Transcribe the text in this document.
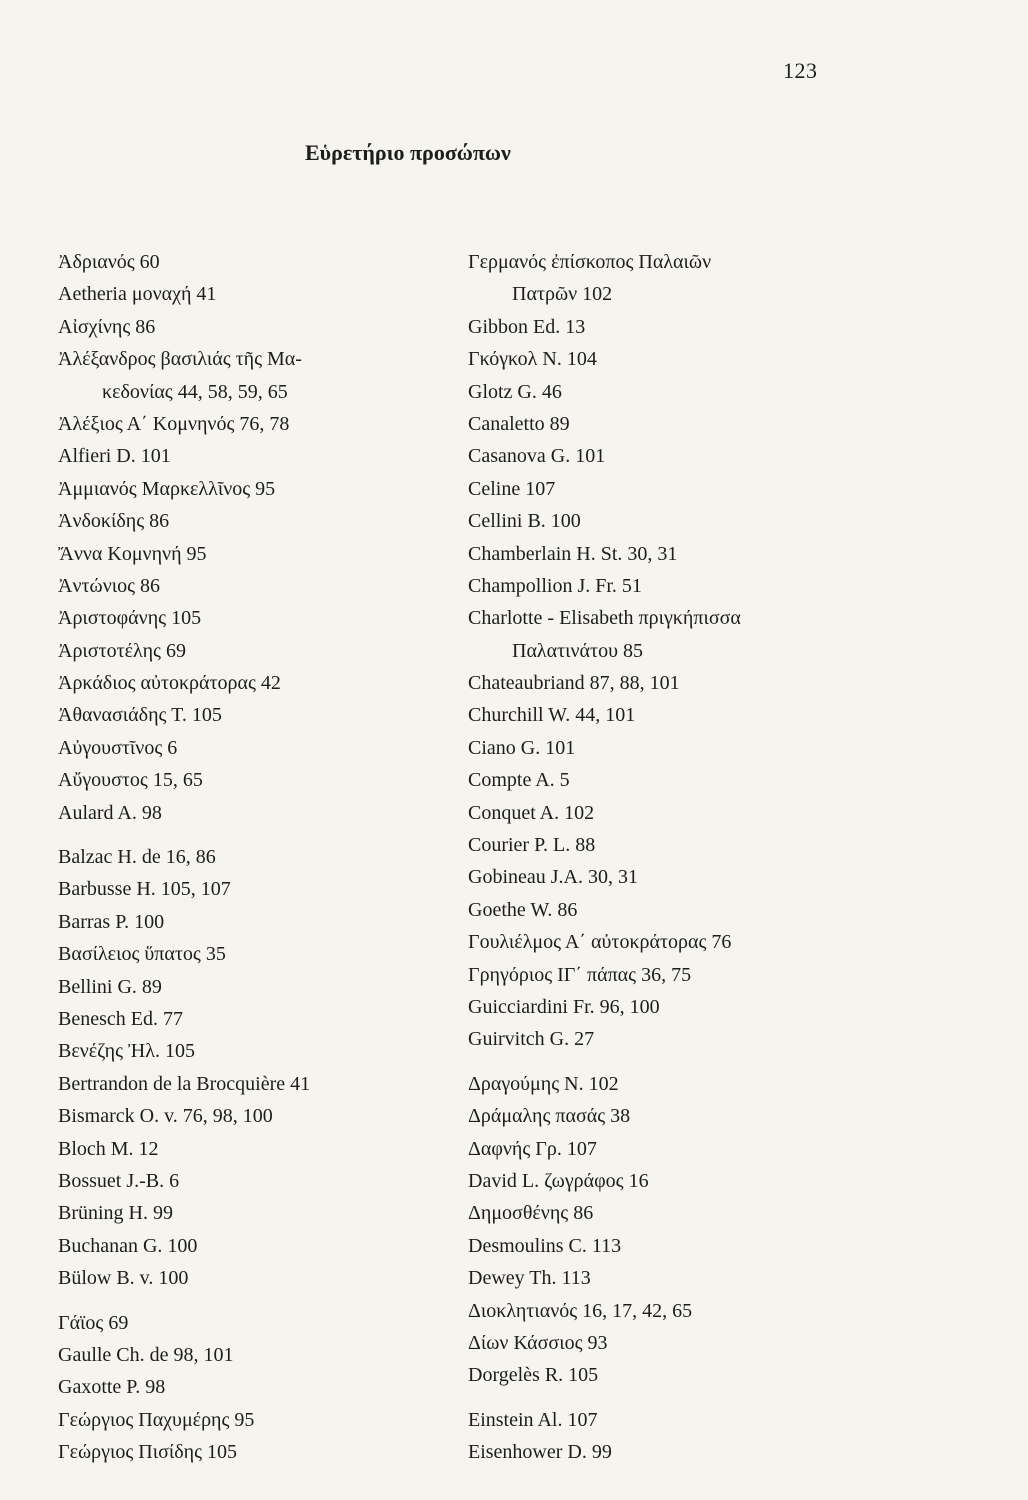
123
Εὑρετήριο προσώπων
Ἀδριανός 60
Aetheria μοναχή 41
Αἰσχίνης 86
Ἀλέξανδρος βασιλιάς τῆς Μα-
κεδονίας 44, 58, 59, 65
Ἀλέξιος Α΄ Κομνηνός 76, 78
Alfieri D. 101
Ἀμμιανός Μαρκελλῖνος 95
Ἀνδοκίδης 86
Ἄννα Κομνηνή 95
Ἀντώνιος 86
Ἀριστοφάνης 105
Ἀριστοτέλης 69
Ἀρκάδιος αὐτοκράτορας 42
Ἀθανασιάδης Τ. 105
Αὐγουστῖνος 6
Αὔγουστος 15, 65
Aulard A. 98
Balzac H. de 16, 86
Barbusse H. 105, 107
Barras P. 100
Βασίλειος ὕπατος 35
Bellini G. 89
Benesch Ed. 77
Βενέζης Ἠλ. 105
Bertrandon de la Brocquière 41
Bismarck O. v. 76, 98, 100
Bloch M. 12
Bossuet J.-B. 6
Brüning H. 99
Buchanan G. 100
Bülow B. v. 100
Γάϊος 69
Gaulle Ch. de 98, 101
Gaxotte P. 98
Γεώργιος Παχυμέρης 95
Γεώργιος Πισίδης 105
Γερμανός ἐπίσκοπος Παλαιῶν
Πατρῶν 102
Gibbon Ed. 13
Γκόγκολ Ν. 104
Glotz G. 46
Canaletto 89
Casanova G. 101
Celine 107
Cellini B. 100
Chamberlain H. St. 30, 31
Champollion J. Fr. 51
Charlotte - Elisabeth πριγκήπισσα
Παλατινάτου 85
Chateaubriand 87, 88, 101
Churchill W. 44, 101
Ciano G. 101
Compte A. 5
Conquet A. 102
Courier P. L. 88
Gobineau J.A. 30, 31
Goethe W. 86
Γουλιέλμος Α΄ αὐτοκράτορας 76
Γρηγόριος ΙΓ΄ πάπας 36, 75
Guicciardini Fr. 96, 100
Guirvitch G. 27
Δραγούμης Ν. 102
Δράμαλης πασάς 38
Δαφνής Γρ. 107
David L. ζωγράφος 16
Δημοσθένης 86
Desmoulins C. 113
Dewey Th. 113
Διοκλητιανός 16, 17, 42, 65
Δίων Κάσσιος 93
Dorgelès R. 105
Einstein Al. 107
Eisenhower D. 99
